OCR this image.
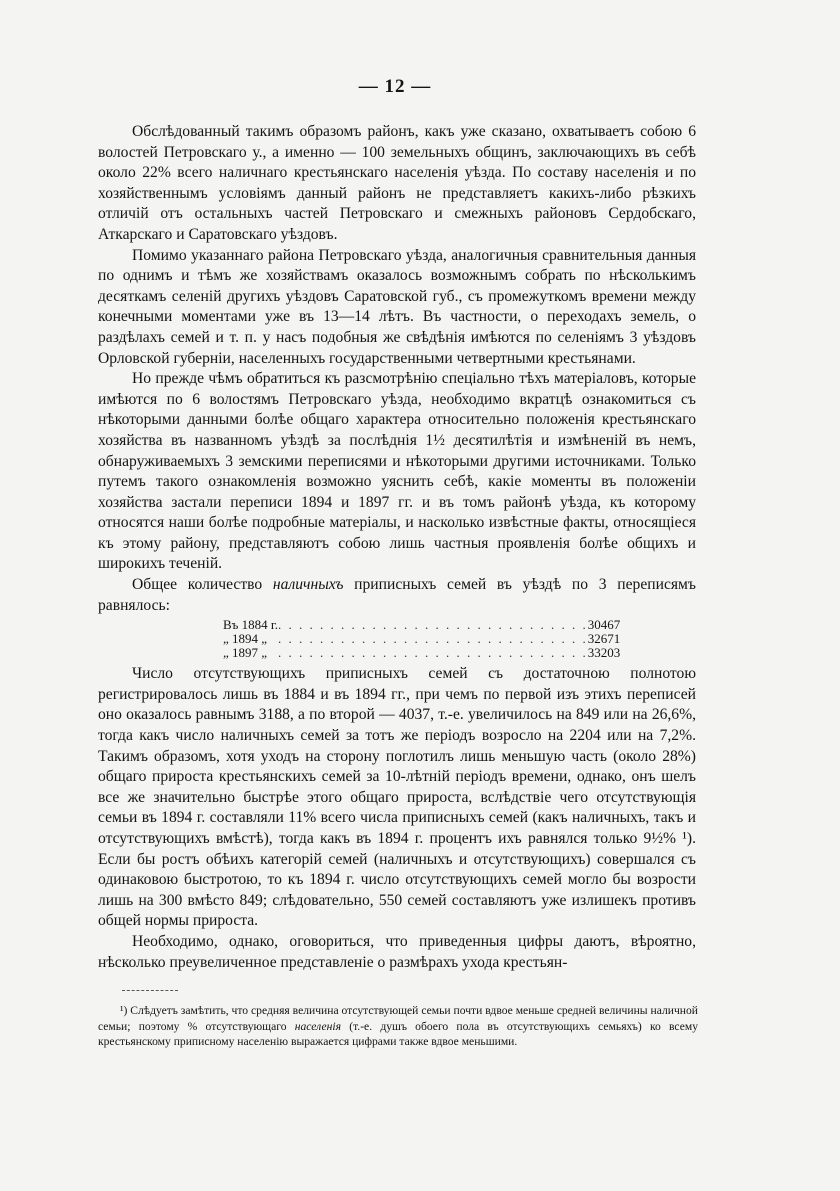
— 12 —

Обслѣдованный такимъ образомъ районъ, какъ уже сказано, охватываетъ собою 6 волостей Петровскаго у., а именно — 100 земельныхъ общинъ, заключающихъ въ себѣ около 22% всего наличнаго крестьянскаго населенія уѣзда. По составу населенія и по хозяйственнымъ условіямъ данный районъ не представляетъ какихъ-либо рѣзкихъ отличій отъ остальныхъ частей Петровскаго и смежныхъ районовъ Сердобскаго, Аткарскаго и Саратовскаго уѣздовъ.

Помимо указаннаго района Петровскаго уѣзда, аналогичныя сравнительныя данныя по однимъ и тѣмъ же хозяйствамъ оказалось возможнымъ собрать по нѣсколькимъ десяткамъ селеній другихъ уѣздовъ Саратовской губ., съ промежуткомъ времени между конечными моментами уже въ 13—14 лѣтъ. Въ частности, о переходахъ земель, о раздѣлахъ семей и т. п. у насъ подобныя же свѣдѣнія имѣются по селеніямъ 3 уѣздовъ Орловской губерніи, населенныхъ государственными четвертными крестьянами.

Но прежде чѣмъ обратиться къ разсмотрѣнію спеціально тѣхъ матеріаловъ, которые имѣются по 6 волостямъ Петровскаго уѣзда, необходимо вкратцѣ ознакомиться съ нѣкоторыми данными болѣе общаго характера относительно положенія крестьянскаго хозяйства въ названномъ уѣздѣ за послѣднія 1½ десятилѣтія и измѣненій въ немъ, обнаруживаемыхъ 3 земскими переписями и нѣкоторыми другими источниками. Только путемъ такого ознакомленія возможно уяснить себѣ, какіе моменты въ положеніи хозяйства застали переписи 1894 и 1897 гг. и въ томъ районѣ уѣзда, къ которому относятся наши болѣе подробные матеріалы, и насколько извѣстные факты, относящіеся къ этому району, представляютъ собою лишь частныя проявленія болѣе общихъ и широкихъ теченій.

Общее количество наличныхъ приписныхъ семей въ уѣздѣ по 3 переписямъ равнялось:

Въ 1884 г.	. . . . . . . . . . . . . . . . . . . . . . . . . . . . . .	30467
„ 1894 „	. . . . . . . . . . . . . . . . . . . . . . . . . . . . . .	32671
„ 1897 „	. . . . . . . . . . . . . . . . . . . . . . . . . . . . . .	33203

Число отсутствующихъ приписныхъ семей съ достаточною полнотою регистрировалось лишь въ 1884 и въ 1894 гг., при чемъ по первой изъ этихъ переписей оно оказалось равнымъ 3188, а по второй — 4037, т.-е. увеличилось на 849 или на 26,6%, тогда какъ число наличныхъ семей за тотъ же періодъ возросло на 2204 или на 7,2%. Такимъ образомъ, хотя уходъ на сторону поглотилъ лишь меньшую часть (около 28%) общаго прироста крестьянскихъ семей за 10-лѣтній періодъ времени, однако, онъ шелъ все же значительно быстрѣе этого общаго прироста, вслѣдствіе чего отсутствующія семьи въ 1894 г. составляли 11% всего числа приписныхъ семей (какъ наличныхъ, такъ и отсутствующихъ вмѣстѣ), тогда какъ въ 1894 г. процентъ ихъ равнялся только 9½% ¹). Если бы ростъ обѣихъ категорій семей (наличныхъ и отсутствующихъ) совершался съ одинаковою быстротою, то къ 1894 г. число отсутствующихъ семей могло бы возрости лишь на 300 вмѣсто 849; слѣдовательно, 550 семей составляютъ уже излишекъ противъ общей нормы прироста.

Необходимо, однако, оговориться, что приведенныя цифры даютъ, вѣроятно, нѣсколько преувеличенное представленіе о размѣрахъ ухода крестьян-

¹) Слѣдуетъ замѣтить, что средняя величина отсутствующей семьи почти вдвое меньше средней величины наличной семьи; поэтому % отсутствующаго населенія (т.-е. душъ обоего пола въ отсутствующихъ семьяхъ) ко всему крестьянскому приписному населенію выражается цифрами также вдвое меньшими.
